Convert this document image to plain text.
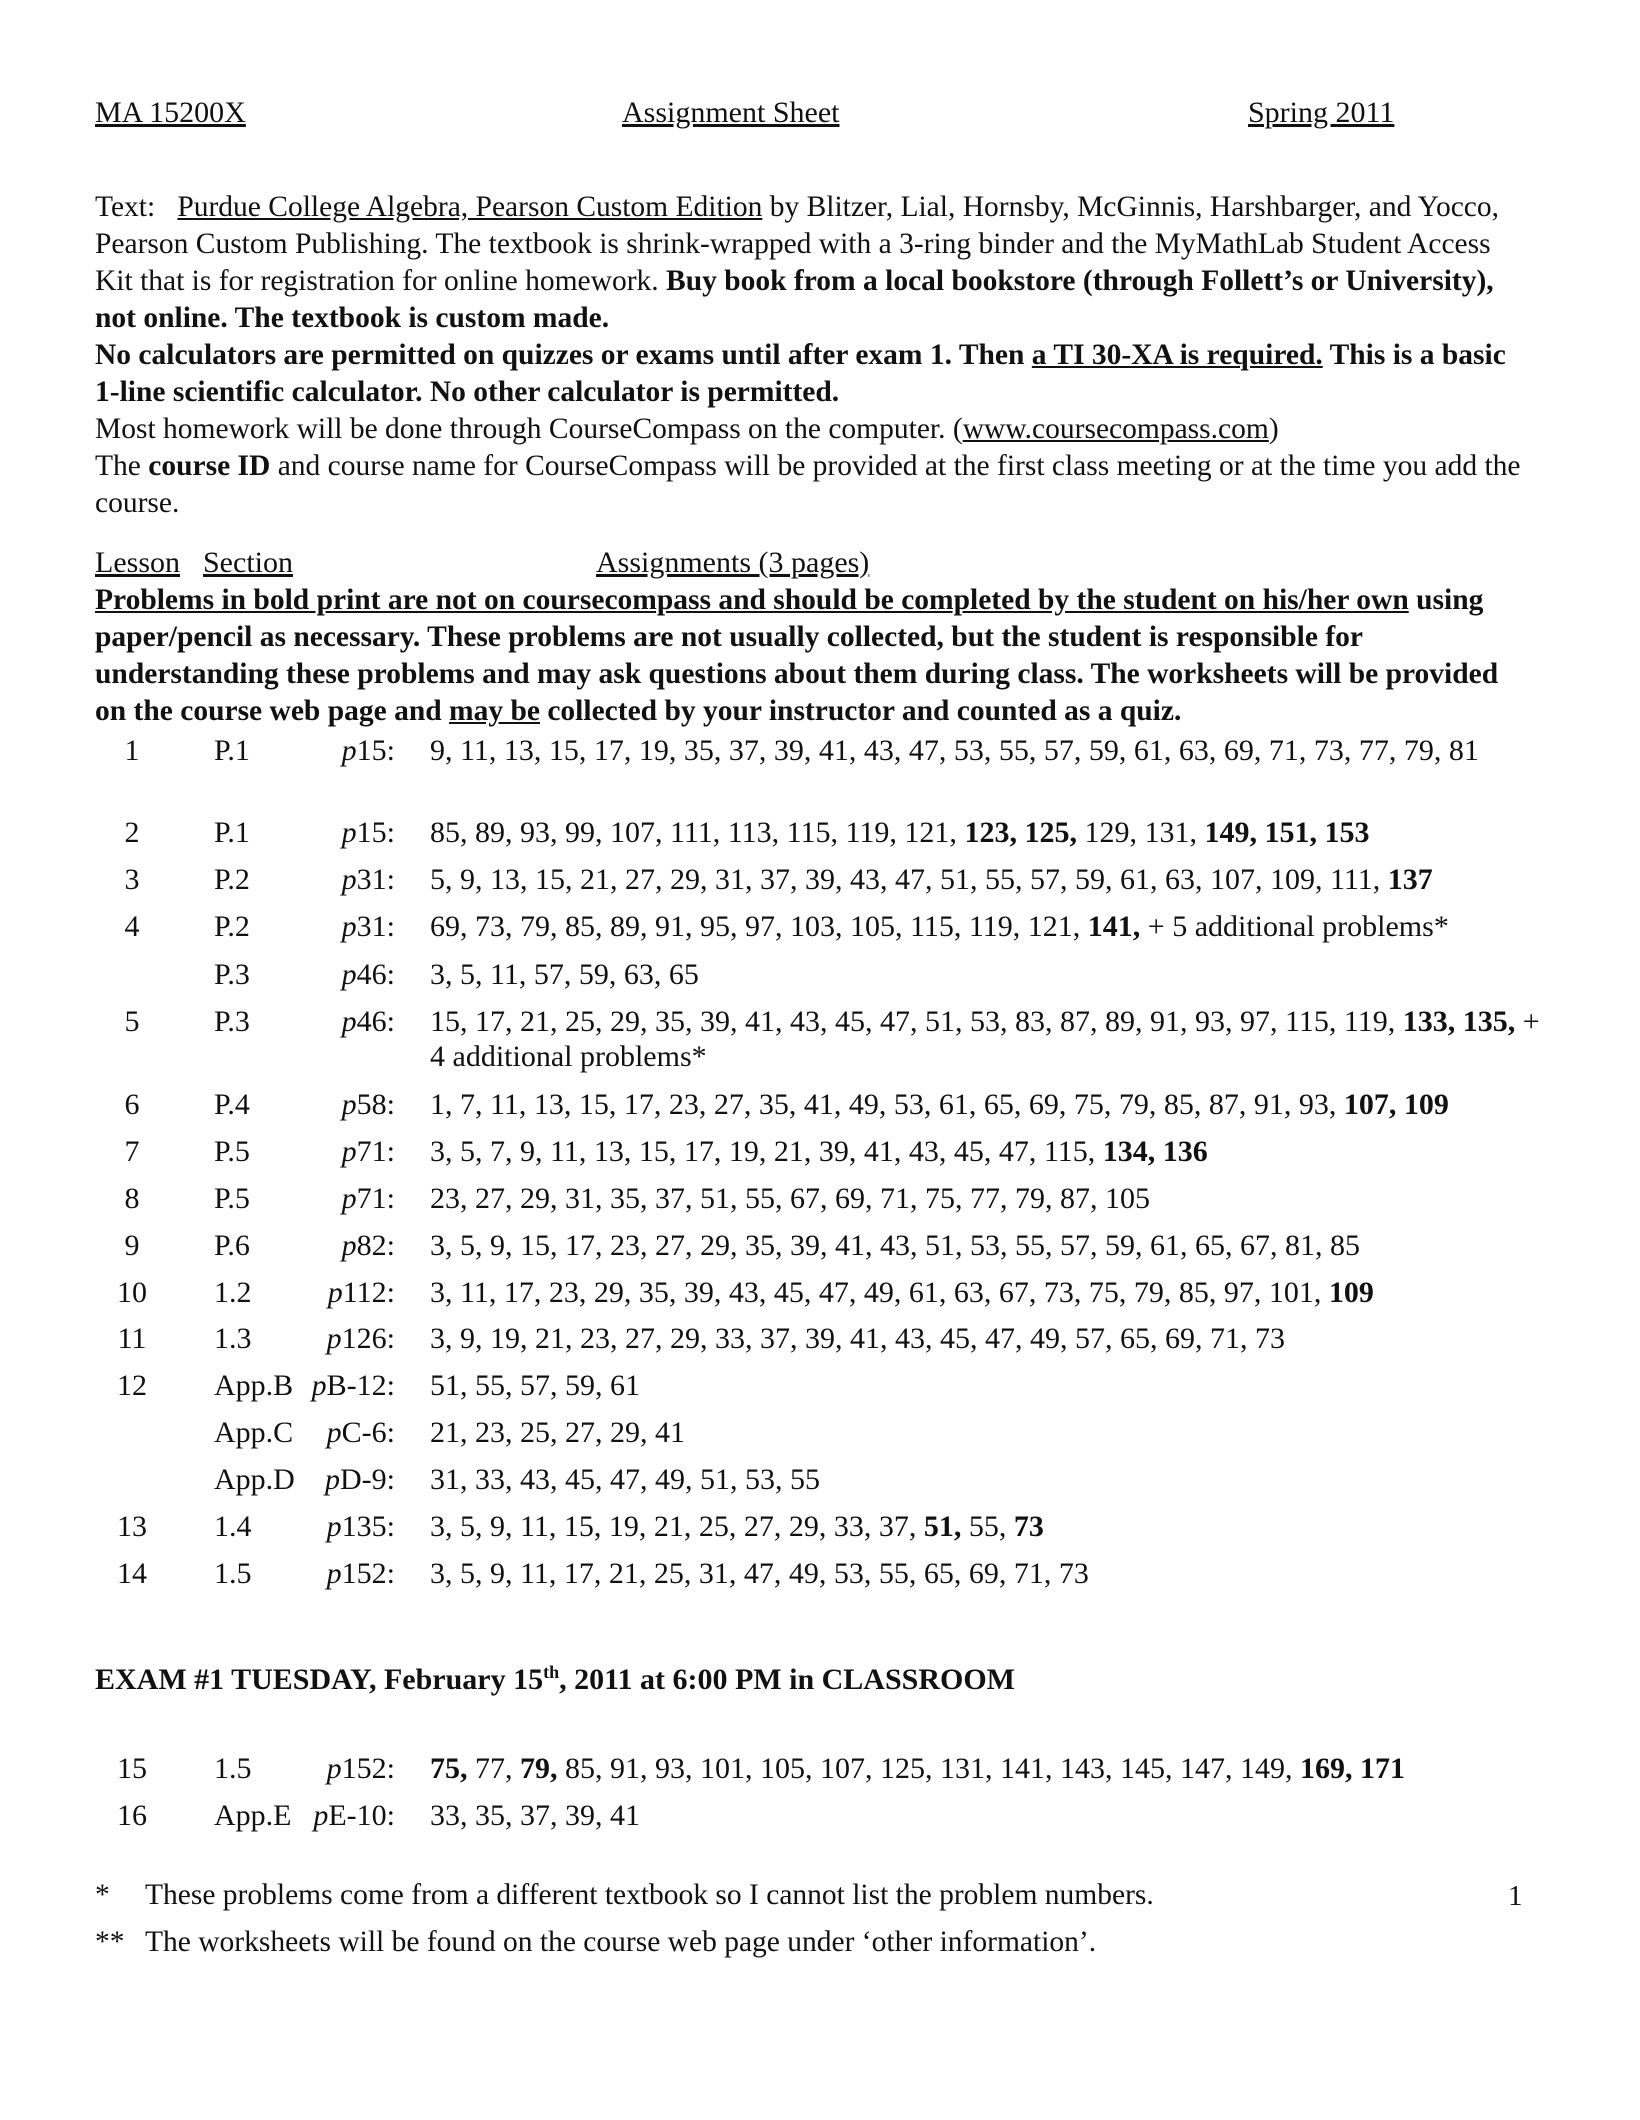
MA 15200X	Assignment Sheet	Spring 2011
Text: Purdue College Algebra, Pearson Custom Edition by Blitzer, Lial, Hornsby, McGinnis, Harshbarger, and Yocco, Pearson Custom Publishing. The textbook is shrink-wrapped with a 3-ring binder and the MyMathLab Student Access Kit that is for registration for online homework. Buy book from a local bookstore (through Follett’s or University), not online. The textbook is custom made.
No calculators are permitted on quizzes or exams until after exam 1. Then a TI 30-XA is required. This is a basic 1-line scientific calculator. No other calculator is permitted.
Most homework will be done through CourseCompass on the computer. (www.coursecompass.com)
The course ID and course name for CourseCompass will be provided at the first class meeting or at the time you add the course.
Lesson Section	Assignments (3 pages)
Problems in bold print are not on coursecompass and should be completed by the student on his/her own using paper/pencil as necessary. These problems are not usually collected, but the student is responsible for understanding these problems and may ask questions about them during class. The worksheets will be provided on the course web page and may be collected by your instructor and counted as a quiz.
1	P.1	p15: 9, 11, 13, 15, 17, 19, 35, 37, 39, 41, 43, 47, 53, 55, 57, 59, 61, 63, 69, 71, 73, 77, 79, 81
2	P.1	p15: 85, 89, 93, 99, 107, 111, 113, 115, 119, 121, 123, 125, 129, 131, 149, 151, 153
3	P.2	p31: 5, 9, 13, 15, 21, 27, 29, 31, 37, 39, 43, 47, 51, 55, 57, 59, 61, 63, 107, 109, 111, 137
4	P.2	p31: 69, 73, 79, 85, 89, 91, 95, 97, 103, 105, 115, 119, 121, 141, + 5 additional problems*
P.3	p46: 3, 5, 11, 57, 59, 63, 65
5	P.3	p46: 15, 17, 21, 25, 29, 35, 39, 41, 43, 45, 47, 51, 53, 83, 87, 89, 91, 93, 97, 115, 119, 133, 135, + 4 additional problems*
6	P.4	p58: 1, 7, 11, 13, 15, 17, 23, 27, 35, 41, 49, 53, 61, 65, 69, 75, 79, 85, 87, 91, 93, 107, 109
7	P.5	p71: 3, 5, 7, 9, 11, 13, 15, 17, 19, 21, 39, 41, 43, 45, 47, 115, 134, 136
8	P.5	p71: 23, 27, 29, 31, 35, 37, 51, 55, 67, 69, 71, 75, 77, 79, 87, 105
9	P.6	p82: 3, 5, 9, 15, 17, 23, 27, 29, 35, 39, 41, 43, 51, 53, 55, 57, 59, 61, 65, 67, 81, 85
10 1.2	p112: 3, 11, 17, 23, 29, 35, 39, 43, 45, 47, 49, 61, 63, 67, 73, 75, 79, 85, 97, 101, 109
11 1.3	p126: 3, 9, 19, 21, 23, 27, 29, 33, 37, 39, 41, 43, 45, 47, 49, 57, 65, 69, 71, 73
12 App.B pB-12: 51, 55, 57, 59, 61
App.C pC-6: 21, 23, 25, 27, 29, 41
App.D pD-9: 31, 33, 43, 45, 47, 49, 51, 53, 55
13 1.4	p135: 3, 5, 9, 11, 15, 19, 21, 25, 27, 29, 33, 37, 51, 55, 73
14 1.5	p152: 3, 5, 9, 11, 17, 21, 25, 31, 47, 49, 53, 55, 65, 69, 71, 73
EXAM #1 TUESDAY, February 15th, 2011 at 6:00 PM in CLASSROOM
15 1.5	p152: 75, 77, 79, 85, 91, 93, 101, 105, 107, 125, 131, 141, 143, 145, 147, 149, 169, 171
16 App.E pE-10: 33, 35, 37, 39, 41
* These problems come from a different textbook so I cannot list the problem numbers.
** The worksheets will be found on the course web page under ‘other information’.
1
